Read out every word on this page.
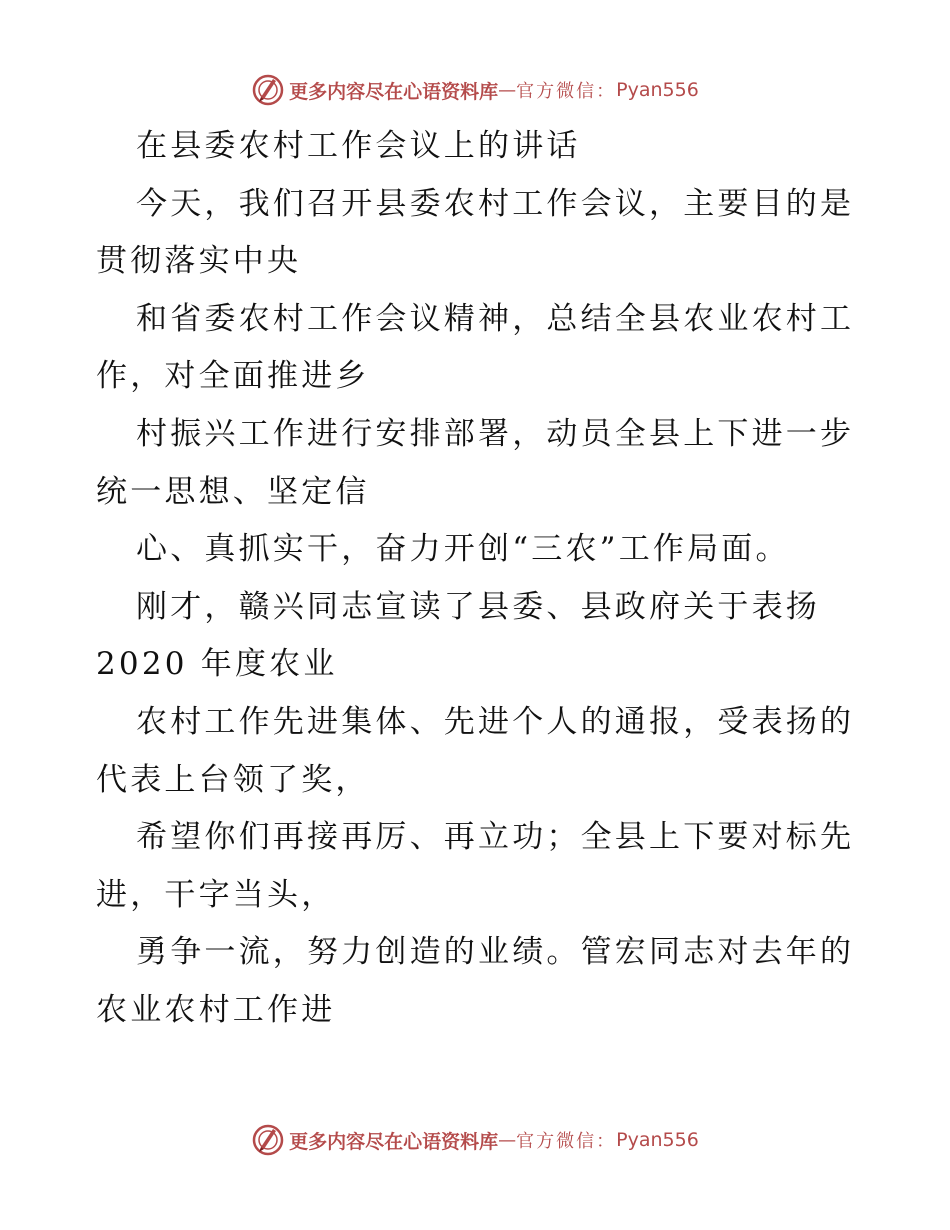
更多内容尽在心语资料库 — 官方微信： Pyan556
在县委农村工作会议上的讲话
今天，我们召开县委农村工作会议，主要目的是
贯彻落实中央
和省委农村工作会议精神，总结全县农业农村工
作，对全面推进乡
村振兴工作进行安排部署，动员全县上下进一步
统一思想、坚定信
心、真抓实干，奋力开创“三农”工作局面。
刚才，赣兴同志宣读了县委、县政府关于表扬
2020 年度农业
农村工作先进集体、先进个人的通报，受表扬的
代表上台领了奖，
希望你们再接再厉、再立功；全县上下要对标先
进，干字当头，
勇争一流，努力创造的业绩。管宏同志对去年的
农业农村工作进
更多内容尽在心语资料库 — 官方微信： Pyan556
